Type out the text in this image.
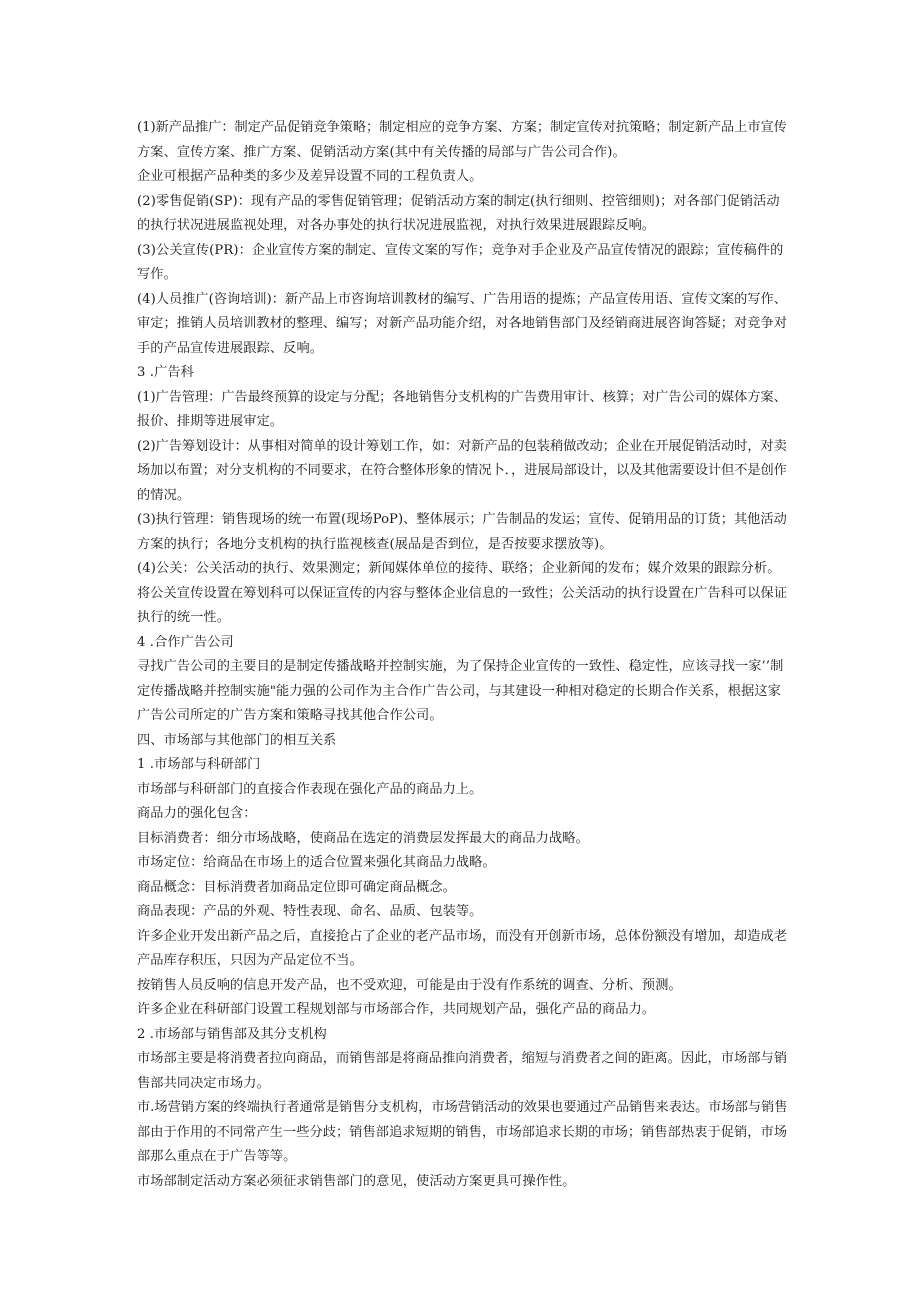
(1)新产品推广：制定产品促销竞争策略；制定相应的竞争方案、方案；制定宣传对抗策略；制定新产品上市宣传

方案、宣传方案、推广方案、促销活动方案(其中有关传播的局部与广告公司合作)。

企业可根据产品种类的多少及差异设置不同的工程负责人。

(2)零售促销(SP)：现有产品的零售促销管理；促销活动方案的制定(执行细则、控管细则)；对各部门促销活动

的执行状况进展监视处理，对各办事处的执行状况进展监视，对执行效果进展跟踪反响。

(3)公关宣传(PR)：企业宣传方案的制定、宣传文案的写作；竞争对手企业及产品宣传情况的跟踪；宣传稿件的

写作。

(4)人员推广(咨询培训)：新产品上市咨询培训教材的编写、广告用语的提炼；产品宣传用语、宣传文案的写作、

审定；推销人员培训教材的整理、编写；对新产品功能介绍，对各地销售部门及经销商进展咨询答疑；对竞争对

手的产品宣传进展跟踪、反响。

3 .广告科

(1)广告管理：广告最终预算的设定与分配；各地销售分支机构的广告费用审计、核算；对广告公司的媒体方案、

报价、排期等进展审定。

(2)广告筹划设计：从事相对简单的设计筹划工作，如：对新产品的包装稍做改动；企业在开展促销活动时，对卖

场加以布置；对分支机构的不同要求，在符合整体形象的情况卜．，进展局部设计，以及其他需要设计但不是创作

的情况。

(3)执行管理：销售现场的统一布置(现场PoP)、整体展示；广告制品的发运；宣传、促销用品的订货；其他活动

方案的执行；各地分支机构的执行监视核查(展品是否到位，是否按要求摆放等)。

(4)公关：公关活动的执行、效果测定；新闻媒体单位的接待、联络；企业新闻的发布；媒介效果的跟踪分析。

将公关宣传设置在筹划科可以保证宣传的内容与整体企业信息的一致性；公关活动的执行设置在广告科可以保证

执行的统一性。

4 .合作广告公司

寻找广告公司的主要目的是制定传播战略并控制实施，为了保持企业宣传的一致性、稳定性，应该寻找一家’’制

定传播战略并控制实施"能力强的公司作为主合作广告公司，与其建设一种相对稳定的长期合作关系，根据这家

广告公司所定的广告方案和策略寻找其他合作公司。

四、市场部与其他部门的相互关系

1 .市场部与科研部门

市场部与科研部门的直接合作表现在强化产品的商品力上。

商品力的强化包含：

目标消费者：细分市场战略，使商品在选定的消费层发挥最大的商品力战略。

市场定位：给商品在市场上的适合位置来强化其商品力战略。

商品概念：目标消费者加商品定位即可确定商品概念。

商品表现：产品的外观、特性表现、命名、品质、包装等。

许多企业开发出新产品之后，直接抢占了企业的老产品市场，而没有开创新市场，总体份额没有增加，却造成老

产品库存积压，只因为产品定位不当。

按销售人员反响的信息开发产品，也不受欢迎，可能是由于没有作系统的调查、分析、预测。

许多企业在科研部门设置工程规划部与市场部合作，共同规划产品，强化产品的商品力。

2 .市场部与销售部及其分支机构

市场部主要是将消费者拉向商品，而销售部是将商品推向消费者，缩短与消费者之间的距离。因此，市场部与销

售部共同决定市场力。

市.场营销方案的终端执行者通常是销售分支机构，市场营销活动的效果也要通过产品销售来表达。市场部与销售

部由于作用的不同常产生一些分歧；销售部追求短期的销售，市场部追求长期的市场；销售部热衷于促销，市场

部那么重点在于广告等等。

市场部制定活动方案必须征求销售部门的意见，使活动方案更具可操作性。
